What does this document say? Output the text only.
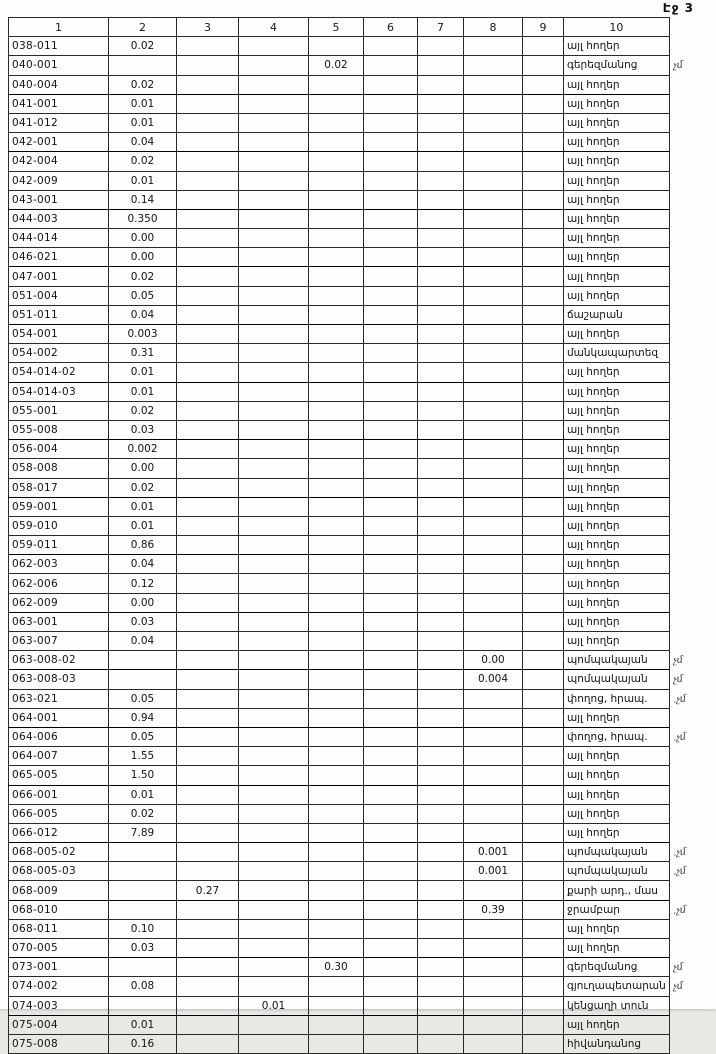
Էջ 3
1	2	3	4	5	6	7	8	9	10	
038-011	0.02								այլ հողեր	
040-001				0.02					գերեզմանոց	չմ
040-004	0.02								այլ հողեր	
041-001	0.01								այլ հողեր	
041-012	0.01								այլ հողեր	
042-001	0.04								այլ հողեր	
042-004	0.02								այլ հողեր	
042-009	0.01								այլ հողեր	
043-001	0.14								այլ հողեր	
044-003	0.350								այլ հողեր	
044-014	0.00								այլ հողեր	
046-021	0.00								այլ հողեր	
047-001	0.02								այլ հողեր	
051-004	0.05								այլ հողեր	
051-011	0.04								ճաշարան	
054-001	0.003								այլ հողեր	
054-002	0.31								մանկապարտեզ	
054-014-02	0.01								այլ հողեր	
054-014-03	0.01								այլ հողեր	
055-001	0.02								այլ հողեր	
055-008	0.03								այլ հողեր	
056-004	0.002								այլ հողեր	
058-008	0.00								այլ հողեր	
058-017	0.02								այլ հողեր	
059-001	0.01								այլ հողեր	
059-010	0.01								այլ հողեր	
059-011	0.86								այլ հողեր	
062-003	0.04								այլ հողեր	
062-006	0.12								այլ հողեր	
062-009	0.00								այլ հողեր	
063-001	0.03								այլ հողեր	
063-007	0.04								այլ հողեր	
063-008-02							0.00		պոմպակայան	չմ
063-008-03							0.004		պոմպակայան	չմ
063-021	0.05								փողոց, հրապ.	.չմ
064-001	0.94								այլ հողեր	
064-006	0.05								փողոց, հրապ.	.չմ
064-007	1.55								այլ հողեր	
065-005	1.50								այլ հողեր	
066-001	0.01								այլ հողեր	
066-005	0.02								այլ հողեր	
066-012	7.89								այլ հողեր	
068-005-02							0.001		պոմպակայան	.չմ
068-005-03							0.001		պոմպակայան	.չմ
068-009		0.27							քարի արդ., մաս	
068-010							0.39		ջրամբար	.չմ
068-011	0.10								այլ հողեր	
070-005	0.03								այլ հողեր	
073-001				0.30					գերեզմանոց	չմ
074-002	0.08								գյուղապետարան	չմ
074-003			0.01						կենցաղի տուն	
075-004	0.01								այլ հողեր	
075-008	0.16								հիվանդանոց	
